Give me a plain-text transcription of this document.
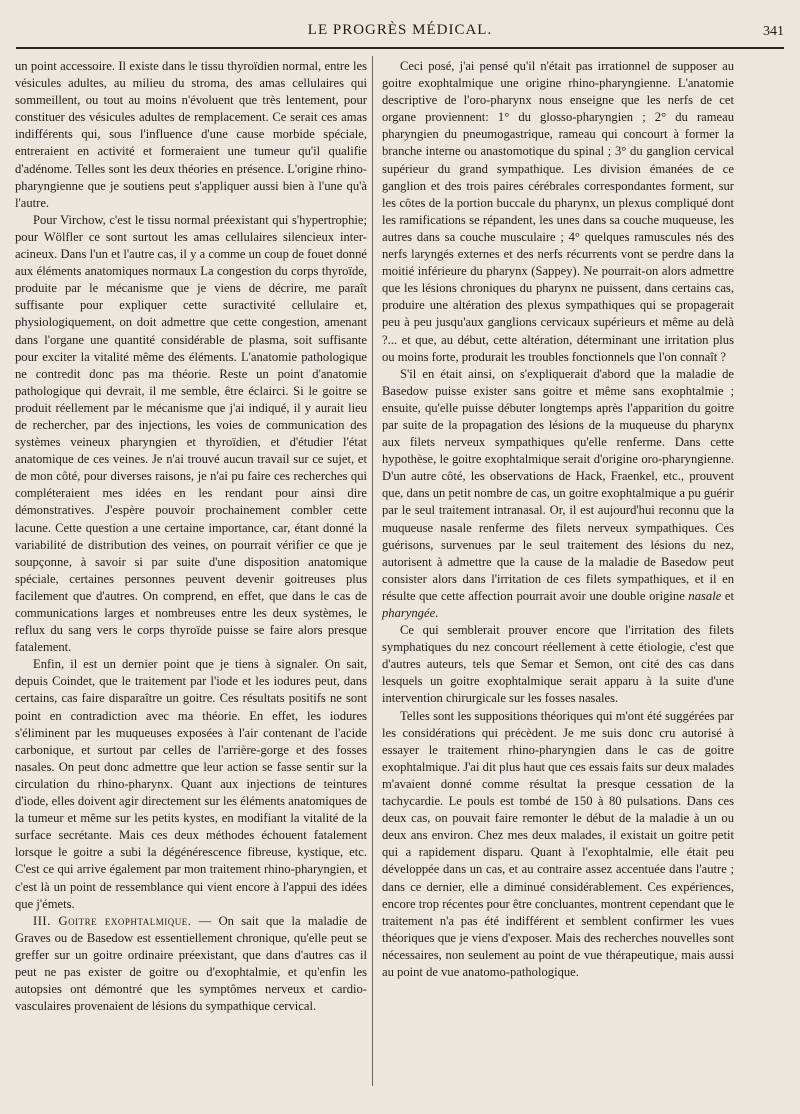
LE PROGRÈS MÉDICAL.	341

un point accessoire. Il existe dans le tissu thyroïdien normal, entre les vésicules adultes, au milieu du stroma, des amas cellulaires qui sommeillent, ou tout au moins n'évoluent que très lentement, pour constituer des vésicules adultes de remplacement. Ce serait ces amas indifférents qui, sous l'influence d'une cause morbide spéciale, entreraient en activité et formeraient une tumeur qu'il qualifie d'adénome. Telles sont les deux théories en présence. L'origine rhino-pharyngienne que je soutiens peut s'appliquer aussi bien à l'une qu'à l'autre.

Pour Virchow, c'est le tissu normal préexistant qui s'hypertrophie; pour Wölfler ce sont surtout les amas cellulaires silencieux inter-acineux. Dans l'un et l'autre cas, il y a comme un coup de fouet donné aux éléments anatomiques normaux La congestion du corps thyroïde, produite par le mécanisme que je viens de décrire, me paraît suffisante pour expliquer cette suractivité cellulaire et, physiologiquement, on doit admettre que cette congestion, amenant dans l'organe une quantité considérable de plasma, soit suffisante pour exciter la vitalité même des éléments. L'anatomie pathologique ne contredit donc pas ma théorie. Reste un point d'anatomie pathologique qui devrait, il me semble, être éclairci. Si le goitre se produit réellement par le mécanisme que j'ai indiqué, il y aurait lieu de rechercher, par des injections, les voies de communication des systèmes veineux pharyngien et thyroïdien, et d'étudier l'état anatomique de ces veines. Je n'ai trouvé aucun travail sur ce sujet, et de mon côté, pour diverses raisons, je n'ai pu faire ces recherches qui compléteraient mes idées en les rendant pour ainsi dire démonstratives. J'espère pouvoir prochainement combler cette lacune. Cette question a une certaine importance, car, étant donné la variabilité de distribution des veines, on pourrait vérifier ce que je soupçonne, à savoir si par suite d'une disposition anatomique spéciale, certaines personnes peuvent devenir goitreuses plus facilement que d'autres. On comprend, en effet, que dans le cas de communications larges et nombreuses entre les deux systèmes, le reflux du sang vers le corps thyroïde puisse se faire alors presque fatalement.

Enfin, il est un dernier point que je tiens à signaler. On sait, depuis Coindet, que le traitement par l'iode et les iodures peut, dans certains, cas faire disparaître un goitre. Ces résultats positifs ne sont point en contradiction avec ma théorie. En effet, les iodures s'éliminent par les muqueuses exposées à l'air contenant de l'acide carbonique, et surtout par celles de l'arrière-gorge et des fosses nasales. On peut donc admettre que leur action se fasse sentir sur la circulation du rhino-pharynx. Quant aux injections de teintures d'iode, elles doivent agir directement sur les éléments anatomiques de la tumeur et même sur les petits kystes, en modifiant la vitalité de la surface secrétante. Mais ces deux méthodes échouent fatalement lorsque le goitre a subi la dégénérescence fibreuse, kystique, etc. C'est ce qui arrive également par mon traitement rhino-pharyngien, et c'est là un point de ressemblance qui vient encore à l'appui des idées que j'émets.

III. Goitre exophtalmique. — On sait que la maladie de Graves ou de Basedow est essentiellement chronique, qu'elle peut se greffer sur un goitre ordinaire préexistant, que dans d'autres cas il peut ne pas exister de goitre ou d'exophtalmie, et qu'enfin les autopsies ont démontré que les symptômes nerveux et cardio-vasculaires provenaient de lésions du sympathique cervical.

Ceci posé, j'ai pensé qu'il n'était pas irrationnel de supposer au goitre exophtalmique une origine rhino-pharyngienne. L'anatomie descriptive de l'oro-pharynx nous enseigne que les nerfs de cet organe proviennent: 1° du glosso-pharyngien ; 2° du rameau pharyngien du pneumogastrique, rameau qui concourt à former la branche interne ou anastomotique du spinal ; 3° du ganglion cervical supérieur du grand sympathique. Les division émanées de ce ganglion et des trois paires cérébrales correspondantes forment, sur les côtes de la portion buccale du pharynx, un plexus compliqué dont les ramifications se répandent, les unes dans sa couche muqueuse, les autres dans sa couche musculaire ; 4° quelques ramuscules nés des nerfs laryngés externes et des nerfs récurrents vont se perdre dans la moitié inférieure du pharynx (Sappey). Ne pourrait-on alors admettre que les lésions chroniques du pharynx ne puissent, dans certains cas, produire une altération des plexus sympathiques qui se propagerait peu à peu jusqu'aux ganglions cervicaux supérieurs et même au delà ?... et que, au début, cette altération, déterminant une irritation plus ou moins forte, produrait les troubles fonctionnels que l'on connaît ?

S'il en était ainsi, on s'expliquerait d'abord que la maladie de Basedow puisse exister sans goitre et même sans exophtalmie ; ensuite, qu'elle puisse débuter longtemps après l'apparition du goitre par suite de la propagation des lésions de la muqueuse du pharynx aux filets nerveux sympathiques qu'elle renferme. Dans cette hypothèse, le goitre exophtalmique serait d'origine oro-pharyngienne. D'un autre côté, les observations de Hack, Fraenkel, etc., prouvent que, dans un petit nombre de cas, un goitre exophtalmique a pu guérir par le seul traitement intranasal. Or, il est aujourd'hui reconnu que la muqueuse nasale renferme des filets nerveux sympathiques. Ces guérisons, survenues par le seul traitement des lésions du nez, autorisent à admettre que la cause de la maladie de Basedow peut consister alors dans l'irritation de ces filets sympathiques, et il en résulte que cette affection pourrait avoir une double origine nasale et pharyngée.

Ce qui semblerait prouver encore que l'irritation des filets symphatiques du nez concourt réellement à cette étiologie, c'est que d'autres auteurs, tels que Semar et Semon, ont cité des cas dans lesquels un goitre exophtalmique serait apparu à la suite d'une intervention chirurgicale sur les fosses nasales.

Telles sont les suppositions théoriques qui m'ont été suggérées par les considérations qui précèdent. Je me suis donc cru autorisé à essayer le traitement rhino-pharyngien dans le cas de goitre exophtalmique. J'ai dit plus haut que ces essais faits sur deux malades m'avaient donné comme résultat la presque cessation de la tachycardie. Le pouls est tombé de 150 à 80 pulsations. Dans ces deux cas, on pouvait faire remonter le début de la maladie à un ou deux ans environ. Chez mes deux malades, il existait un goitre petit qui a rapidement disparu. Quant à l'exophtalmie, elle était peu développée dans un cas, et au contraire assez accentuée dans l'autre ; dans ce dernier, elle a diminué considérablement. Ces expériences, encore trop récentes pour être concluantes, montrent cependant que le traitement n'a pas été indifférent et semblent confirmer les vues théoriques que je viens d'exposer. Mais des recherches nouvelles sont nécessaires, non seulement au point de vue thérapeutique, mais aussi au point de vue anatomo-pathologique.
